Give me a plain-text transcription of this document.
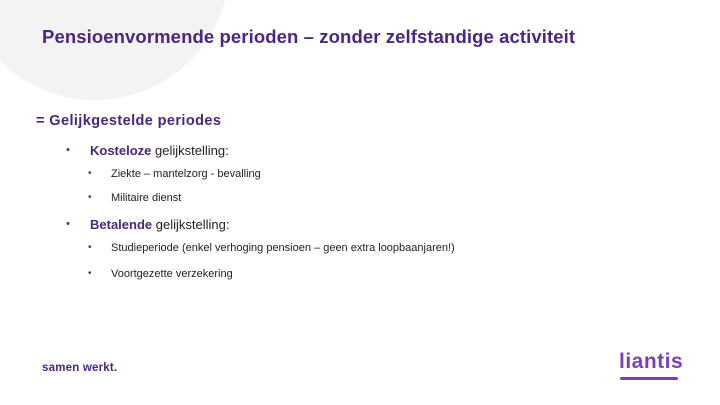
Pensioenvormende perioden – zonder zelfstandige activiteit
= Gelijkgestelde periodes
• Kosteloze gelijkstelling:
• Ziekte – mantelzorg - bevalling
• Militaire dienst
• Betalende gelijkstelling:
• Studieperiode (enkel verhoging pensioen – geen extra loopbaanjaren!)
• Voortgezette verzekering
samen werkt.	liantis
